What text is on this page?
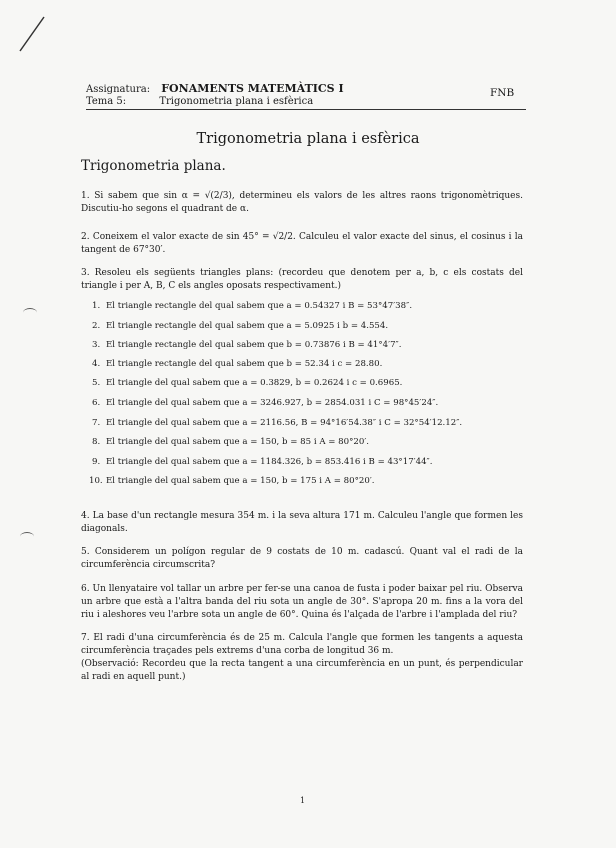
Assignatura: FONAMENTS MATEMÀTICS I
Tema 5:	Trigonometria plana i esfèrica
FNB
Trigonometria plana i esfèrica
Trigonometria plana.
1. Si sabem que sin α = √(2/3), determineu els valors de les altres raons trigonomètriques. Discutiu-ho segons el quadrant de α.
2. Coneixem el valor exacte de sin 45° = √2/2. Calculeu el valor exacte del sinus, el cosinus i la tangent de 67°30′.
3. Resoleu els següents triangles plans: (recordeu que denotem per a, b, c els costats del triangle i per A, B, C els angles oposats respectivament.)
1. El triangle rectangle del qual sabem que a = 0.54327 i B = 53°47′38″.
2. El triangle rectangle del qual sabem que a = 5.0925 i b = 4.554.
3. El triangle rectangle del qual sabem que b = 0.73876 i B = 41°4′7″.
4. El triangle rectangle del qual sabem que b = 52.34 i c = 28.80.
5. El triangle del qual sabem que a = 0.3829, b = 0.2624 i c = 0.6965.
6. El triangle del qual sabem que a = 3246.927, b = 2854.031 i C = 98°45′24″.
7. El triangle del qual sabem que a = 2116.56, B = 94°16′54.38″ i C = 32°54′12.12″.
8. El triangle del qual sabem que a = 150, b = 85 i A = 80°20′.
9. El triangle del qual sabem que a = 1184.326, b = 853.416 i B = 43°17′44″.
10. El triangle del qual sabem que a = 150, b = 175 i A = 80°20′.
4. La base d'un rectangle mesura 354 m. i la seva altura 171 m. Calculeu l'angle que formen les diagonals.
5. Considerem un polígon regular de 9 costats de 10 m. cadascú. Quant val el radi de la circumferència circumscrita?
6. Un llenyataire vol tallar un arbre per fer-se una canoa de fusta i poder baixar pel riu. Observa un arbre que està a l'altra banda del riu sota un angle de 30°. S'apropa 20 m. fins a la vora del riu i aleshores veu l'arbre sota un angle de 60°. Quina és l'alçada de l'arbre i l'amplada del riu?
7. El radi d'una circumferència és de 25 m. Calcula l'angle que formen les tangents a aquesta circumferència traçades pels extrems d'una corba de longitud 36 m.
(Observació: Recordeu que la recta tangent a una circumferència en un punt, és perpendicular al radi en aquell punt.)
1
